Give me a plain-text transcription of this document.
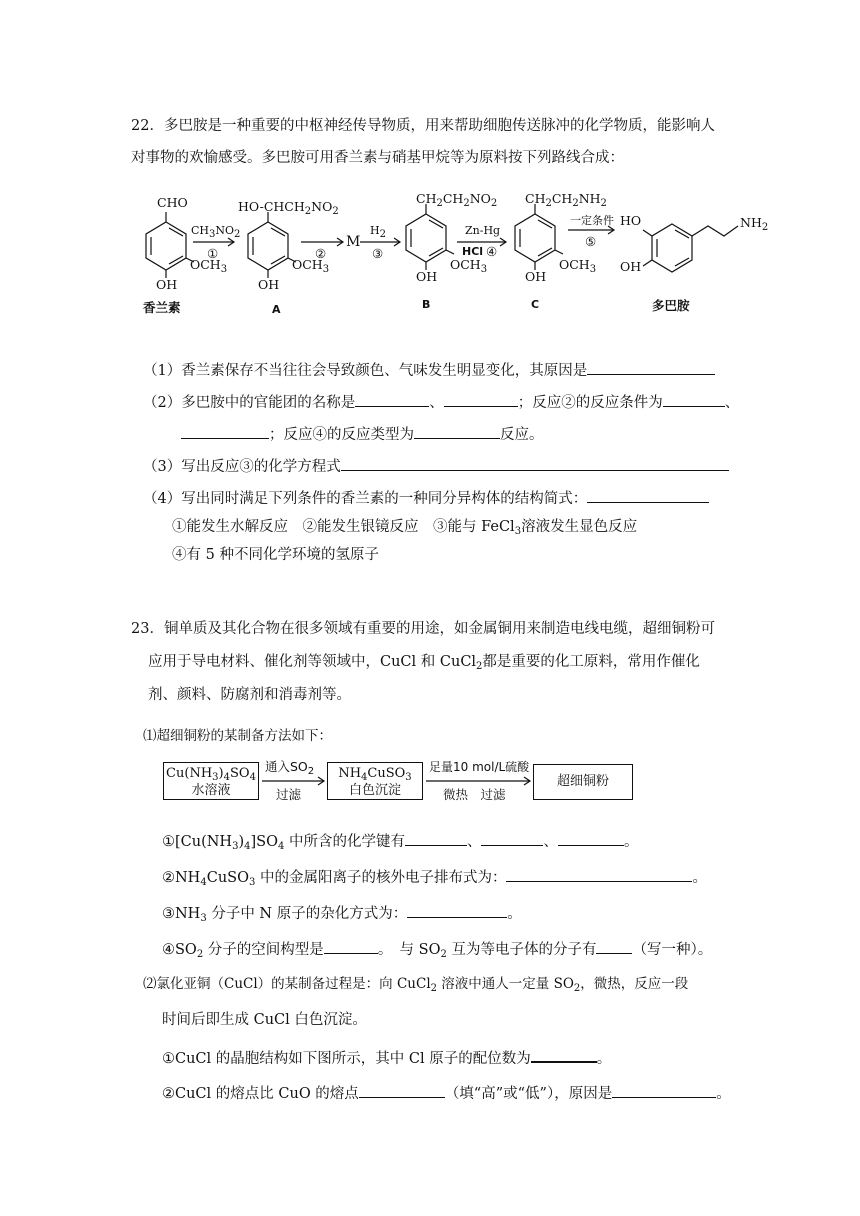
22．多巴胺是一种重要的中枢神经传导物质，用来帮助细胞传送脉冲的化学物质，能影响人
对事物的欢愉感受。多巴胺可用香兰素与硝基甲烷等为原料按下列路线合成：
CHO
$OCH_3$
OH
香兰素
$CH_3NO_2$
①
$HO-CHCH_2NO_2$
$OCH_3$
OH
A
②
M
$H_2$
③
$CH_2CH_2NO_2$
$OCH_3$
OH
B
Zn-Hg
HCl ④
$CH_2CH_2NH_2$
$OCH_3$
OH
C
一定条件
⑤
HO
OH
$NH_2$
多巴胺
（1）香兰素保存不当往往会导致颜色、气味发生明显变化，其原因是
（2）多巴胺中的官能团的名称是	、	；反应②的反应条件为	、
；反应④的反应类型为	反应。
（3）写出反应③的化学方程式
（4）写出同时满足下列条件的香兰素的一种同分异构体的结构简式：
①能发生水解反应　②能发生银镜反应　③能与 FeCl$_3$溶液发生显色反应
④有 5 种不同化学环境的氢原子
23．铜单质及其化合物在很多领域有重要的用途，如金属铜用来制造电线电缆，超细铜粉可
应用于导电材料、催化剂等领域中，CuCl 和 CuCl$_2$都是重要的化工原料，常用作催化
剂、颜料、防腐剂和消毒剂等。
⑴超细铜粉的某制备方法如下：
$Cu(NH_3)_4SO_4$
水溶液
通入$SO_2$
过滤
$NH_4CuSO_3$
白色沉淀
足量10 mol/L硫酸
微热　过滤
超细铜粉
$①[Cu(NH_3)_4]SO_4$ 中所含的化学键有	、	、	。
$②NH_4CuSO_3$ 中的金属阳离子的核外电子排布式为：	。
$③NH_3$ 分子中 N 原子的杂化方式为：	。
$④SO_2$ 分子的空间构型是	。　与 $SO_2$ 互为等电子体的分子有 （写一种）。
⑵氯化亚铜（CuCl）的某制备过程是：向 CuCl$_2$ 溶液中通人一定量 $SO_2$，微热，反应一段
时间后即生成 CuCl 白色沉淀。
①CuCl 的晶胞结构如下图所示，其中 Cl 原子的配位数为	。
②CuCl 的熔点比 CuO 的熔点	（填“高”或“低”），原因是	。
